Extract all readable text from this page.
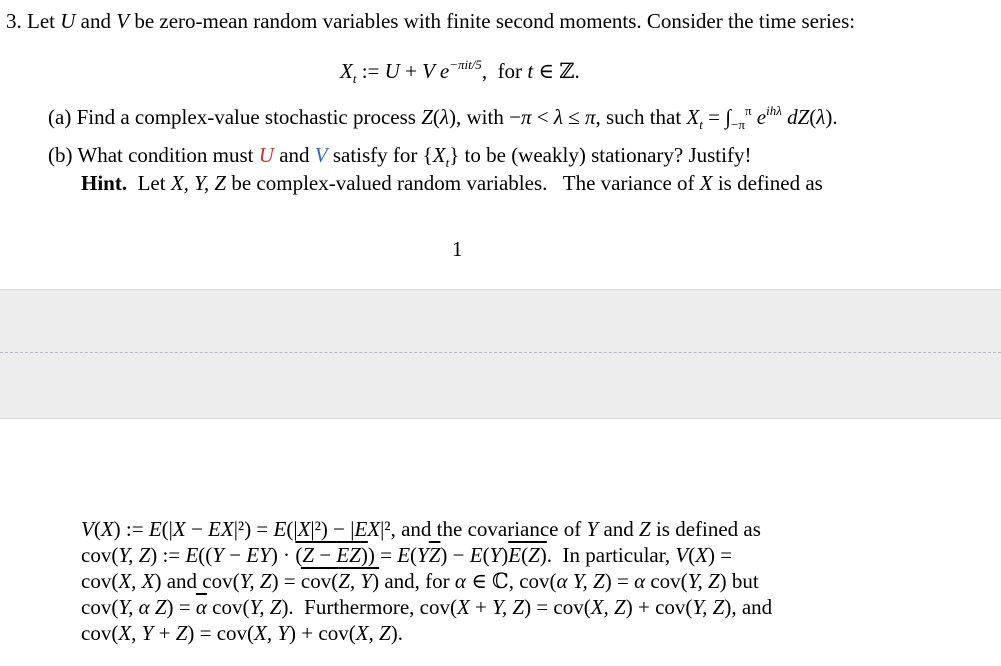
3. Let U and V be zero-mean random variables with finite second moments. Consider the time series:
$X_t$ := U + V $e^{-\pi it/5}$,  for t ∈ ℤ.
(a) Find a complex-value stochastic process Z(λ), with −π < λ ≤ π, such that $X_t = \int_{-\pi}^\pi$ $e^{ih\lambda}$ dZ(λ).
(b) What condition must U and V satisfy for $\{X_t\}$ to be (weakly) stationary? Justify!
Hint.  Let X, Y, Z be complex-valued random variables.   The variance of X is defined as
1
V(X) := E(|X − EX|²) = E(|X|²) − |EX|², and the covariance of Y and Z is defined as
cov(Y, Z) := $E((Y - EY) \cdot (Z - EZ)) = E(Y\overline{Z}) - E(Y)E(Z)$.  In particular, V(X) =
cov(X, X) and cov(Y, Z) = cov(Z, Y) and, for α ∈ ℂ, cov(α Y, Z) = α cov(Y, Z) but
cov(Y, α $Z) = \overline{\alpha}$ cov(Y, Z).  Furthermore, cov(X + Y, Z) = cov(X, Z) + cov(Y, Z), and
cov(X, Y + Z) = cov(X, Y) + cov(X, Z).
